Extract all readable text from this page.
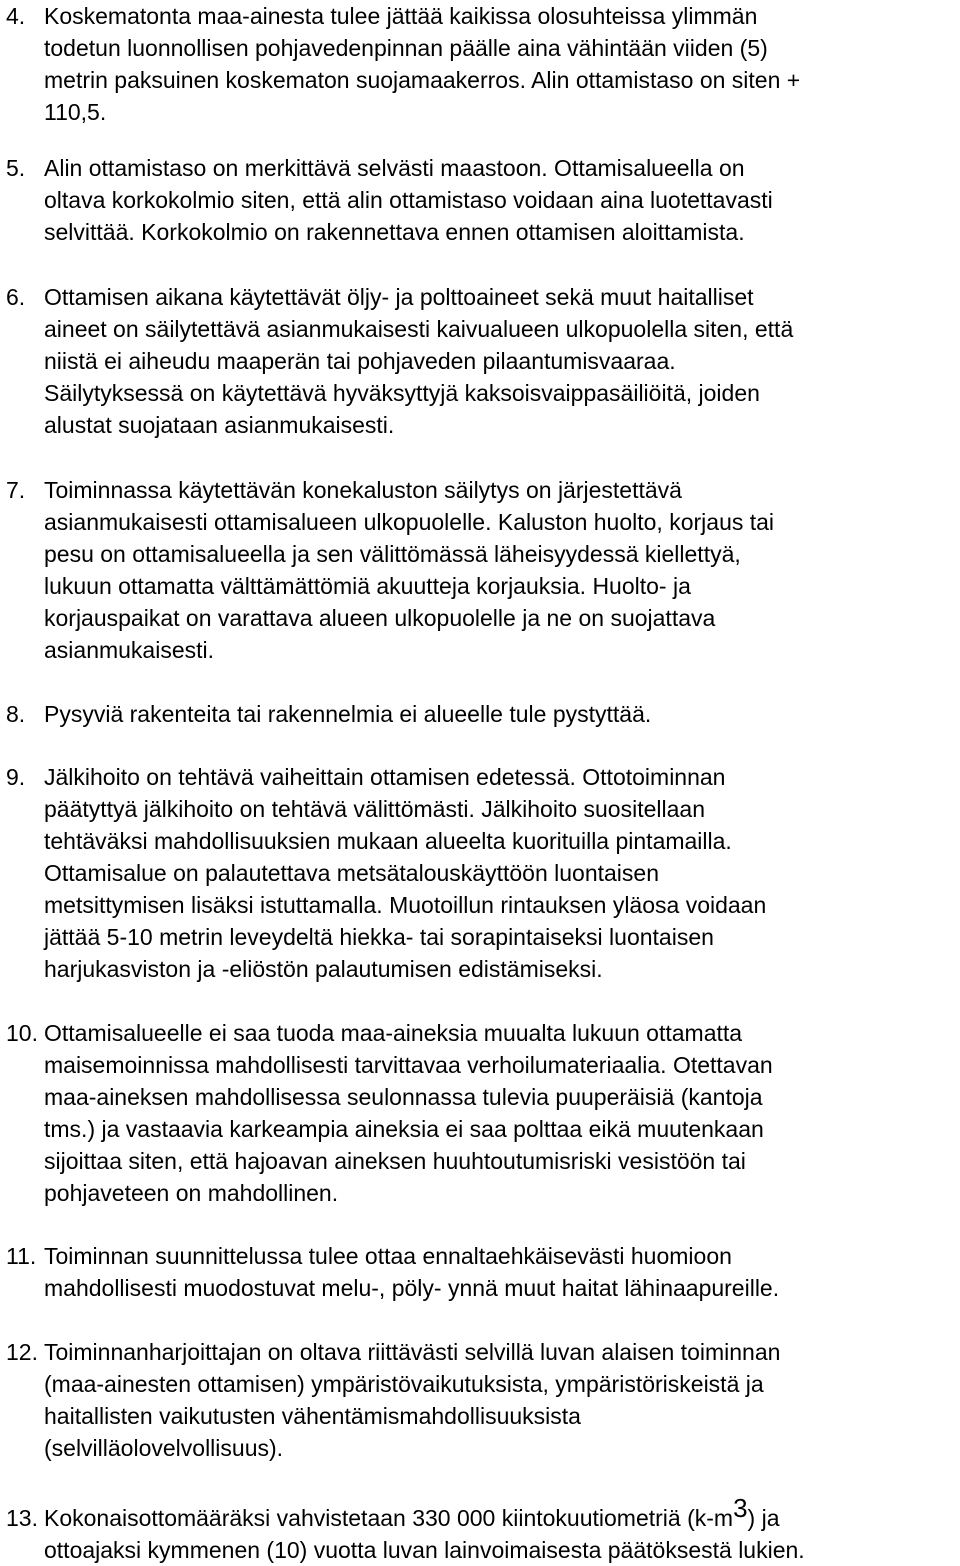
4. Koskematonta maa-ainesta tulee jättää kaikissa olosuhteissa ylimmän
todetun luonnollisen pohjavedenpinnan päälle aina vähintään viiden (5)
metrin paksuinen koskematon suojamaakerros. Alin ottamistaso on siten +
110,5.
5. Alin ottamistaso on merkittävä selvästi maastoon. Ottamisalueella on
oltava korkokolmio siten, että alin ottamistaso voidaan aina luotettavasti
selvittää. Korkokolmio on rakennettava ennen ottamisen aloittamista.
6. Ottamisen aikana käytettävät öljy- ja polttoaineet sekä muut haitalliset
aineet on säilytettävä asianmukaisesti kaivualueen ulkopuolella siten, että
niistä ei aiheudu maaperän tai pohjaveden pilaantumisvaaraa.
Säilytyksessä on käytettävä hyväksyttyjä kaksoisvaippasäiliöitä, joiden
alustat suojataan asianmukaisesti.
7. Toiminnassa käytettävän konekaluston säilytys on järjestettävä
asianmukaisesti ottamisalueen ulkopuolelle. Kaluston huolto, korjaus tai
pesu on ottamisalueella ja sen välittömässä läheisyydessä kiellettyä,
lukuun ottamatta välttämättömiä akuutteja korjauksia. Huolto- ja
korjauspaikat on varattava alueen ulkopuolelle ja ne on suojattava
asianmukaisesti.
8. Pysyviä rakenteita tai rakennelmia ei alueelle tule pystyttää.
9. Jälkihoito on tehtävä vaiheittain ottamisen edetessä. Ottotoiminnan
päätyttyä jälkihoito on tehtävä välittömästi. Jälkihoito suositellaan
tehtäväksi mahdollisuuksien mukaan alueelta kuorituilla pintamailla.
Ottamisalue on palautettava metsätalouskäyttöön luontaisen
metsittymisen lisäksi istuttamalla. Muotoillun rintauksen yläosa voidaan
jättää 5-10 metrin leveydeltä hiekka- tai sorapintaiseksi luontaisen
harjukasviston ja -eliöstön palautumisen edistämiseksi.
10. Ottamisalueelle ei saa tuoda maa-aineksia muualta lukuun ottamatta
maisemoinnissa mahdollisesti tarvittavaa verhoilumateriaalia. Otettavan
maa-aineksen mahdollisessa seulonnassa tulevia puuperäisiä (kantoja
tms.) ja vastaavia karkeampia aineksia ei saa polttaa eikä muutenkaan
sijoittaa siten, että hajoavan aineksen huuhtoutumisriski vesistöön tai
pohjaveteen on mahdollinen.
11. Toiminnan suunnittelussa tulee ottaa ennaltaehkäisevästi huomioon
mahdollisesti muodostuvat melu-, pöly- ynnä muut haitat lähinaapureille.
12. Toiminnanharjoittajan on oltava riittävästi selvillä luvan alaisen toiminnan
(maa-ainesten ottamisen) ympäristövaikutuksista, ympäristöriskeistä ja
haitallisten vaikutusten vähentämismahdollisuuksista
(selvilläolovelvollisuus).
13. Kokonaisottomääräksi vahvistetaan 330 000 kiintokuutiometriä (k-m3) ja
ottoajaksi kymmenen (10) vuotta luvan lainvoimaisesta päätöksestä lukien.
